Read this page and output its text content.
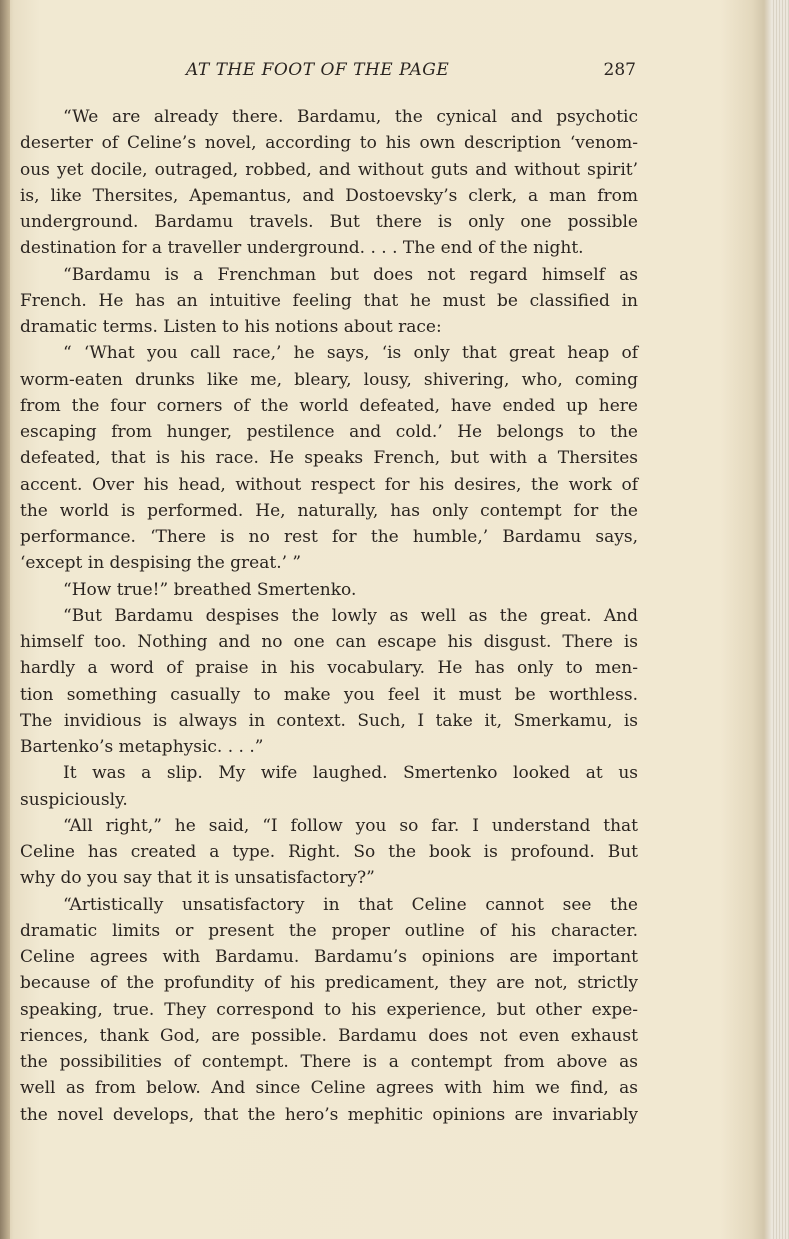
AT THE FOOT OF THE PAGE	287
“We are already there. Bardamu, the cynical and psychotic
deserter of Celine’s novel, according to his own description ‘venom-
ous yet docile, outraged, robbed, and without guts and without spirit’
is, like Thersites, Apemantus, and Dostoevsky’s clerk, a man from
underground. Bardamu travels. But there is only one possible
destination for a traveller underground. . . . The end of the night.
“Bardamu is a Frenchman but does not regard himself as
French. He has an intuitive feeling that he must be classified in
dramatic terms. Listen to his notions about race:
“ ‘What you call race,’ he says, ‘is only that great heap of
worm-eaten drunks like me, bleary, lousy, shivering, who, coming
from the four corners of the world defeated, have ended up here
escaping from hunger, pestilence and cold.’ He belongs to the
defeated, that is his race. He speaks French, but with a Thersites
accent. Over his head, without respect for his desires, the work of
the world is performed. He, naturally, has only contempt for the
performance. ‘There is no rest for the humble,’ Bardamu says,
‘except in despising the great.’ ”
“How true!” breathed Smertenko.
“But Bardamu despises the lowly as well as the great. And
himself too. Nothing and no one can escape his disgust. There is
hardly a word of praise in his vocabulary. He has only to men-
tion something casually to make you feel it must be worthless.
The invidious is always in context. Such, I take it, Smerkamu, is
Bartenko’s metaphysic. . . .”
It was a slip. My wife laughed. Smertenko looked at us
suspiciously.
“All right,” he said, “I follow you so far. I understand that
Celine has created a type. Right. So the book is profound. But
why do you say that it is unsatisfactory?”
“Artistically unsatisfactory in that Celine cannot see the
dramatic limits or present the proper outline of his character.
Celine agrees with Bardamu. Bardamu’s opinions are important
because of the profundity of his predicament, they are not, strictly
speaking, true. They correspond to his experience, but other expe-
riences, thank God, are possible. Bardamu does not even exhaust
the possibilities of contempt. There is a contempt from above as
well as from below. And since Celine agrees with him we find, as
the novel develops, that the hero’s mephitic opinions are invariably
